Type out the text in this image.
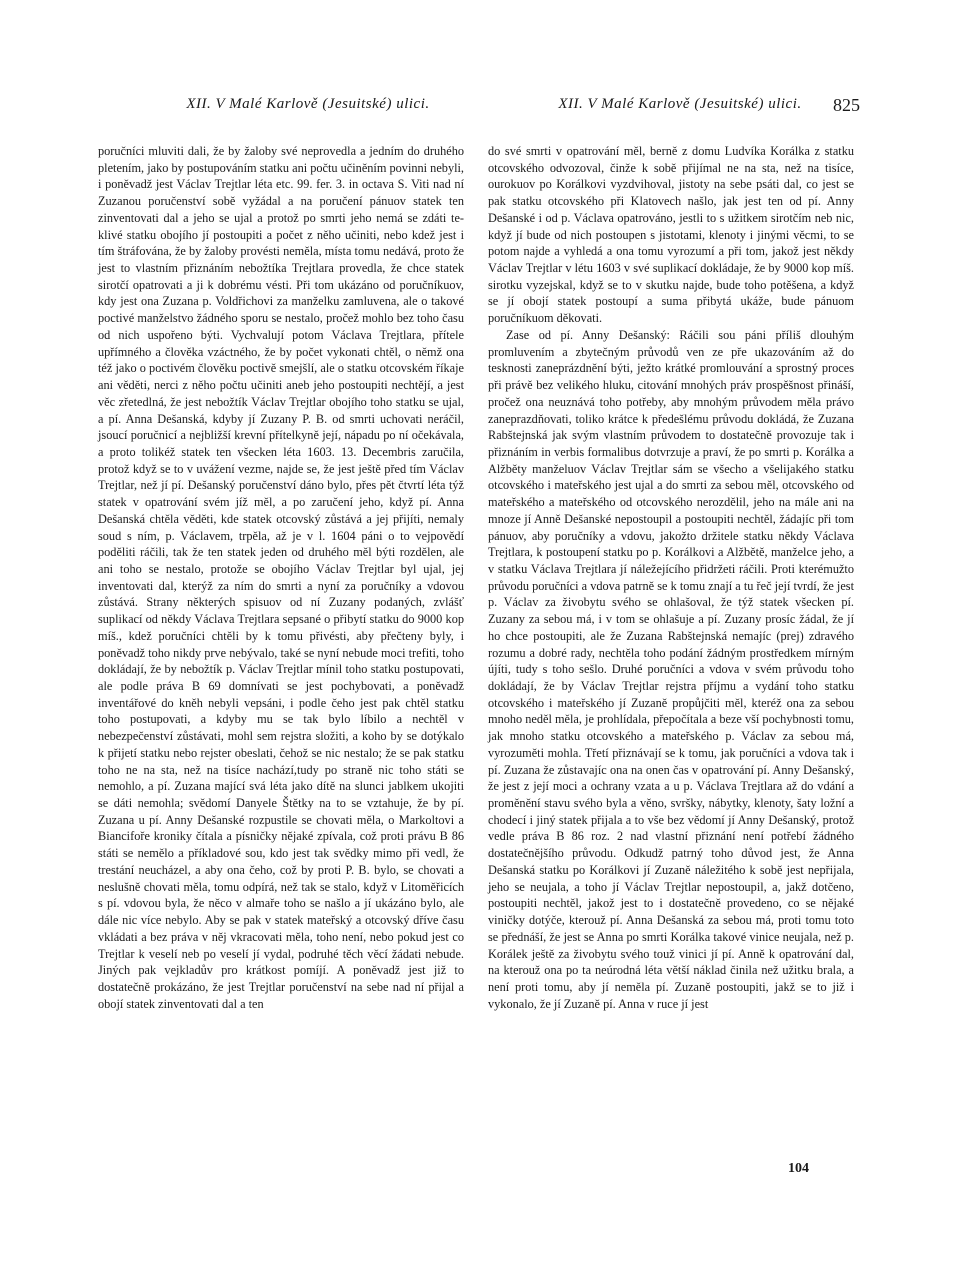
XII. V Malé Karlově (Jesuitské) ulici.	XII. V Malé Karlově (Jesuitské) ulici.	825

poručníci mluviti dali, že by žaloby své neprovedla a jedním do druhého pletením, jako by postupováním statku ani počtu učiněním povinni nebyli, i poněvadž jest Václav Trejtlar léta etc. 99. fer. 3. in octava S. Viti nad ní Zuzanou poručenství sobě vyžádal a na poručení pánuov statek ten zinventovati dal a jeho se ujal a protož po smrti jeho nemá se zdáti te-klivé statku obojího jí postoupiti a počet z něho učiniti, nebo kdež jest i tím štráfována, že by žaloby provésti neměla, místa tomu nedává, proto že jest to vlastním přiznáním nebožtíka Trejtlara provedla, že chce statek sirotčí opatrovati a ji k dobrému vésti. Při tom ukázáno od poručníkuov, kdy jest ona Zuzana p. Voldřichovi za manželku zamluvena, ale o takové poctivé manželstvo žádného sporu se nestalo, pročež mohlo bez toho času od nich uspořeno býti. Vychvalují potom Václava Trejtlara, přítele upřímného a člověka vzáctného, že by počet vykonati chtěl, o němž ona též jako o poctivém člověku poctivě smejšlí, ale o statku otcovském říkaje ani věděti, nerci z něho počtu učiniti aneb jeho postoupiti nechtějí, a jest věc zřetedlná, že jest nebožtík Václav Trejtlar obojího toho statku se ujal, a pí. Anna Dešanská, kdyby jí Zuzany P. B. od smrti uchovati neráčil, jsoucí poručnicí a nejbližší krevní přítelkyně její, nápadu po ní očekávala, a proto tolikéž statek ten všecken léta 1603. 13. Decembris zaručila, protož když se to v uvážení vezme, najde se, že jest ještě před tím Václav Trejtlar, než jí pí. Dešanský poručenství dáno bylo, přes pět čtvrtí léta týž statek v opatrování svém jíž měl, a po zaručení jeho, když pí. Anna Dešanská chtěla věděti, kde statek otcovský zůstává a jej přijíti, nemaly soud s ním, p. Václavem, trpěla, až je v l. 1604 páni o to vejpovědí poděliti ráčili, tak že ten statek jeden od druhého měl býti rozdělen, ale ani toho se nestalo, protože se obojího Václav Trejtlar byl ujal, jej inventovati dal, kterýž za ním do smrti a nyní za poručníky a vdovou zůstává. Strany některých spisuov od ní Zuzany podaných, zvlášť suplikací od někdy Václava Trejtlara sepsané o přibytí statku do 9000 kop míš., kdež poručníci chtěli by k tomu přivésti, aby přečteny byly, i poněvadž toho nikdy prve nebývalo, také se nyní nebude moci trefiti, toho dokládají, že by nebožtík p. Václav Trejtlar mínil toho statku postupovati, ale podle práva B 69 domnívati se jest pochybovati, a poněvadž inventářové do kněh nebyli vepsáni, i podle čeho jest pak chtěl statku toho postupovati, a kdyby mu se tak bylo líbilo a nechtěl v nebezpečenství zůstávati, mohl sem rejstra složiti, a koho by se dotýkalo k přijetí statku nebo rejster obeslati, čehož se nic nestalo; že se pak statku toho ne na sta, než na tisíce nachází,tudy po straně nic toho státi se nemohlo, a pí. Zuzana mající svá léta jako dítě na slunci jablkem ukojiti se dáti nemohla; svědomí Danyele Štětky na to se vztahuje, že by pí. Zuzana u pí. Anny Dešanské rozpustile se chovati měla, o Markoltovi a Biancifoře kroniky čítala a písničky nějaké zpívala, což proti právu B 86 státi se nemělo a příkladové sou, kdo jest tak svědky mimo při vedl, že trestání neucházel, a aby ona čeho, což by proti P. B. bylo, se chovati a neslušně chovati měla, tomu odpírá, než tak se stalo, když v Litoměřicích s pí. vdovou byla, že něco v almaře toho se našlo a jí ukázáno bylo, ale dále nic více nebylo. Aby se pak v statek mateřský a otcovský dříve času vkládati a bez práva v něj vkracovati měla, toho není, nebo pokud jest co Trejtlar k veselí neb po veselí jí vydal, podruhé těch věcí žádati nebude. Jiných pak vejkladův pro krátkost pomíjí. A poněvadž jest již to dostatečně prokázáno, že jest Trejtlar poručenství na sebe nad ní přijal a obojí statek zinventovati dal a ten

do své smrti v opatrování měl, berně z domu Ludvíka Korálka z statku otcovského odvozoval, činže k sobě přijímal ne na sta, než na tisíce, ourokuov po Korálkovi vyzdvihoval, jistoty na sebe psáti dal, co jest se pak statku otcovského při Klatovech našlo, jak jest ten od pí. Anny Dešanské i od p. Václava opatrováno, jestli to s užitkem sirotčím neb nic, když jí bude od nich postoupen s jistotami, klenoty i jinými věcmi, to se potom najde a vyhledá a ona tomu vyrozumí a při tom, jakož jest někdy Václav Trejtlar v létu 1603 v své suplikací dokládaje, že by 9000 kop míš. sirotku vyzejskal, když se to v skutku najde, bude toho potěšena, a když se jí obojí statek postoupí a suma přibytá ukáže, bude pánuom poručníkuom děkovati.

Zase od pí. Anny Dešanský: Ráčili sou páni příliš dlouhým promluvením a zbytečným průvodů ven ze pře ukazováním až do tesknosti zaneprázdnění býti, ježto krátké promlouvání a sprostný proces při právě bez velikého hluku, citování mnohých práv prospěšnost přináší, pročež ona neuznává toho potřeby, aby mnohým průvodem měla právo zaneprazdňovati, toliko krátce k předešlému průvodu dokládá, že Zuzana Rabštejnská jak svým vlastním průvodem to dostatečně provozuje tak i přiznáním in verbis formalibus dotvrzuje a praví, že po smrti p. Korálka a Alžběty manželuov Václav Trejtlar sám se všecho a všelijakého statku otcovského i mateřského jest ujal a do smrti za sebou měl, otcovského od mateřského a mateřského od otcovského nerozdělil, jeho na mále ani na mnoze jí Anně Dešanské nepostoupil a postoupiti nechtěl, žádajíc při tom pánuov, aby poručníky a vdovu, jakožto držitele statku někdy Václava Trejtlara, k postoupení statku po p. Korálkovi a Alžbětě, manželce jeho, a v statku Václava Trejtlara jí náležejícího přidržeti ráčili. Proti kterémužto průvodu poručníci a vdova patrně se k tomu znají a tu řeč její tvrdí, že jest p. Václav za živobytu svého se ohlašoval, že týž statek všecken pí. Zuzany za sebou má, i v tom se ohlašuje a pí. Zuzany prosíc žádal, že jí ho chce postoupiti, ale že Zuzana Rabštejnská nemajíc (prej) zdravého rozumu a dobré rady, nechtěla toho podání žádným prostředkem mírným újíti, tudy s toho sešlo. Druhé poručníci a vdova v svém průvodu toho dokládají, že by Václav Trejtlar rejstra příjmu a vydání toho statku otcovského i mateřského jí Zuzaně propůjčiti měl, kteréž ona za sebou mnoho neděl měla, je prohlídala, přepočítala a beze vší pochybnosti tomu, jak mnoho statku otcovského a mateřského p. Václav za sebou má, vyrozuměti mohla. Třetí přiznávají se k tomu, jak poručníci a vdova tak i pí. Zuzana že zůstavajíc ona na onen čas v opatrování pí. Anny Dešanský, že jest z její moci a ochrany vzata a u p. Václava Trejtlara až do vdání a proměnění stavu svého byla a věno, svršky, nábytky, klenoty, šaty ložní a chodecí i jiný statek přijala a to vše bez vědomí jí Anny Dešanský, protož vedle práva B 86 roz. 2 nad vlastní přiznání není potřebí žádného dostatečnějšího průvodu. Odkudž patrný toho důvod jest, že Anna Dešanská statku po Korálkovi jí Zuzaně náležitého k sobě jest nepřijala, jeho se neujala, a toho jí Václav Trejtlar nepostoupil, a, jakž dotčeno, postoupiti nechtěl, jakož jest to i dostatečně provedeno, co se nějaké viničky dotýče, kterouž pí. Anna Dešanská za sebou má, proti tomu toto se přednáší, že jest se Anna po smrti Korálka takové vinice neujala, než p. Korálek ještě za živobytu svého touž vinici jí pí. Anně k opatrování dal, na kterouž ona po ta neúrodná léta větší náklad činila než užitku brala, a není proti tomu, aby jí neměla pí. Zuzaně postoupiti, jakž se to již i vykonalo, že jí Zuzaně pí. Anna v ruce jí jest

104
